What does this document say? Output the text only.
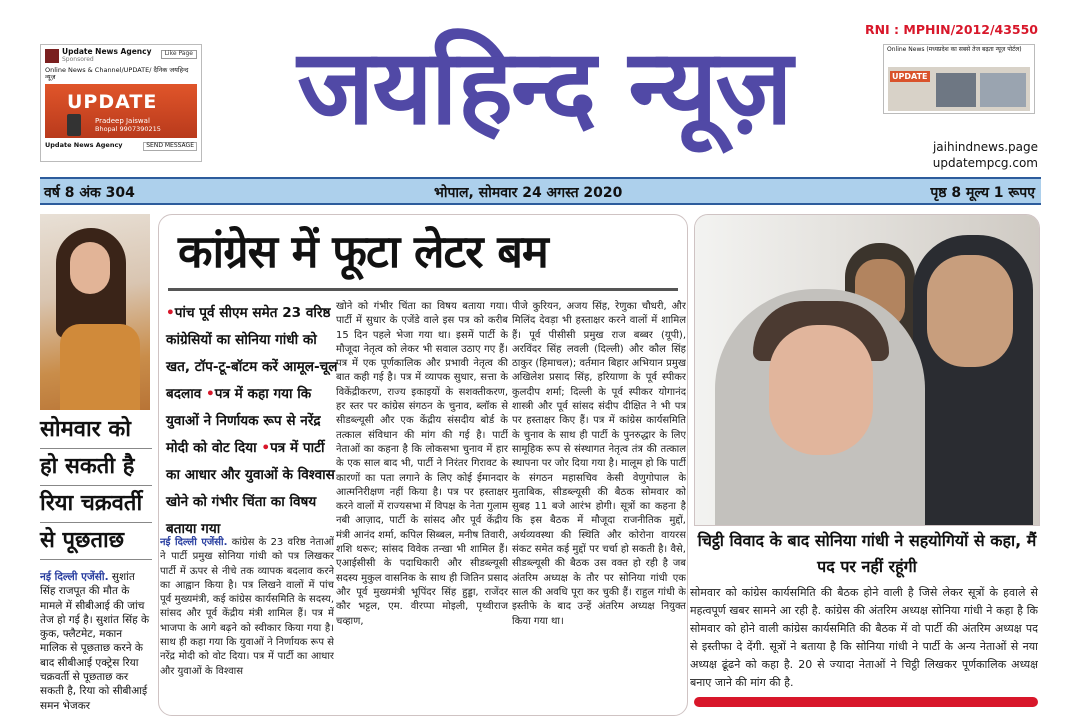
Update News Agency
Sponsored
Like Page
Online News & Channel/UPDATE/ दैनिक जयहिन्द न्यूज़
UPDATE
Pradeep Jaiswal
Bhopal 9907390215
Update News Agency	SEND MESSAGE जयहिन्द न्यूज़	RNI : MPHIN/2012/43550
Online News (मध्यप्रदेश का सबसे तेज बढ़ता न्यूज़ पोर्टल)
UPDATE
jaihindnews.page
updatempcg.com
वर्ष 8 अंक 304	भोपाल, सोमवार 24 अगस्त 2020	पृष्ठ 8 मूल्य 1 रूपए
सोमवार को
हो सकती है
रिया चक्रवर्ती
से पूछताछ
नई दिल्ली एजेंसी. सुशांत सिंह राजपूत की मौत के मामले में सीबीआई की जांच तेज हो गई है। सुशांत सिंह के कुक, फ्लैटमेट, मकान मालिक से पूछताछ करने के बाद सीबीआई एक्ट्रेस रिया चक्रवर्ती से पूछताछ कर सकती है, रिया को सीबीआई समन भेजकर
कांग्रेस में फूटा लेटर बम
•पांच पूर्व सीएम समेत 23 वरिष्ठ कांग्रेसियों का सोनिया गांधी को खत, टॉप-टू-बॉटम करें आमूल-चूल बदलाव •पत्र में कहा गया कि युवाओं ने निर्णायक रूप से नरेंद्र मोदी को वोट दिया •पत्र में पार्टी का आधार और युवाओं के विश्वास खोने को गंभीर चिंता का विषय बताया गया
नई दिल्ली एजेंसी. कांग्रेस के 23 वरिष्ठ नेताओं ने पार्टी प्रमुख सोनिया गांधी को पत्र लिखकर पार्टी में ऊपर से नीचे तक व्यापक बदलाव करने का आह्वान किया है। पत्र लिखने वालों में पांच पूर्व मुख्यमंत्री, कई कांग्रेस कार्यसमिति के सदस्य, सांसद और पूर्व केंद्रीय मंत्री शामिल हैं। पत्र में भाजपा के आगे बढ़ने को स्वीकार किया गया है। साथ ही कहा गया कि युवाओं ने निर्णायक रूप से नरेंद्र मोदी को वोट दिया। पत्र में पार्टी का आधार और युवाओं के विश्वास
खोने को गंभीर चिंता का विषय बताया गया। पार्टी में सुधार के एजेंडे वाले इस पत्र को करीब 15 दिन पहले भेजा गया था। इसमें पार्टी के मौजूदा नेतृत्व को लेकर भी सवाल उठाए गए हैं। पत्र में एक पूर्णकालिक और प्रभावी नेतृत्व की बात कही गई है। पत्र में व्यापक सुधार, सत्ता के विकेंद्रीकरण, राज्य इकाइयों के सशक्तीकरण, हर स्तर पर कांग्रेस संगठन के चुनाव, ब्लॉक से सीडब्ल्यूसी और एक केंद्रीय संसदीय बोर्ड के तत्काल संविधान की मांग की गई है। पार्टी नेताओं का कहना है कि लोकसभा चुनाव में हार के एक साल बाद भी, पार्टी ने निरंतर गिरावट के कारणों का पता लगाने के लिए कोई ईमानदार आत्मनिरीक्षण नहीं किया है। पत्र पर हस्ताक्षर करने वालों में राज्यसभा में विपक्ष के नेता गुलाम नबी आज़ाद, पार्टी के सांसद और पूर्व केंद्रीय मंत्री आनंद शर्मा, कपिल सिब्बल, मनीष तिवारी, शशि थरूर; सांसद विवेक तन्खा भी शामिल हैं। एआईसीसी के पदाधिकारी और सीडब्ल्यूसी सदस्य मुकुल वासनिक के साथ ही जितिन प्रसाद और पूर्व मुख्यमंत्री भूपिंदर सिंह हुड्डा, राजेंदर कौर भट्टल, एम. वीरप्पा मोइली, पृथ्वीराज चव्हाण,
पीजे कुरियन, अजय सिंह, रेणुका चौधरी, और मिलिंद देवड़ा भी हस्ताक्षर करने वालों में शामिल हैं। पूर्व पीसीसी प्रमुख राज बब्बर (यूपी), अरविंदर सिंह लवली (दिल्ली) और कौल सिंह ठाकुर (हिमाचल); वर्तमान बिहार अभियान प्रमुख अखिलेश प्रसाद सिंह, हरियाणा के पूर्व स्पीकर कुलदीप शर्मा; दिल्ली के पूर्व स्पीकर योगानंद शास्त्री और पूर्व सांसद संदीप दीक्षित ने भी पत्र पर हस्ताक्षर किए हैं। पत्र में कांग्रेस कार्यसमिति के चुनाव के साथ ही पार्टी के पुनरुद्धार के लिए सामूहिक रूप से संस्थागत नेतृत्व तंत्र की तत्काल स्थापना पर जोर दिया गया है। मालूम हो कि पार्टी के संगठन महासचिव केसी वेणुगोपाल के मुताबिक, सीडब्ल्यूसी की बैठक सोमवार को सुबह 11 बजे आरंभ होगी। सूत्रों का कहना है कि इस बैठक में मौजूदा राजनीतिक मुद्दों, अर्थव्यवस्था की स्थिति और कोरोना वायरस संकट समेत कई मुद्दों पर चर्चा हो सकती है। वैसे, सीडब्ल्यूसी की बैठक उस वक्त हो रही है जब अंतरिम अध्यक्ष के तौर पर सोनिया गांधी एक साल की अवधि पूरा कर चुकी हैं। राहुल गांधी के इस्तीफे के बाद उन्हें अंतरिम अध्यक्ष नियुक्त किया गया था।
चिट्ठी विवाद के बाद सोनिया गांधी ने सहयोगियों से कहा, मैं पद पर नहीं रहूंगी
सोमवार को कांग्रेस कार्यसमिति की बैठक होने वाली है जिसे लेकर सूत्रों के हवाले से महत्वपूर्ण खबर सामने आ रही है. कांग्रेस की अंतरिम अध्यक्ष सोनिया गांधी ने कहा है कि सोमवार को होने वाली कांग्रेस कार्यसमिति की बैठक में वो पार्टी की अंतरिम अध्यक्ष पद से इस्तीफा दे देंगी. सूत्रों ने बताया है कि सोनिया गांधी ने पार्टी के अन्य नेताओं से नया अध्यक्ष ढूंढने को कहा है. 20 से ज्यादा नेताओं ने चिट्ठी लिखकर पूर्णकालिक अध्यक्ष बनाए जाने की मांग की है.
